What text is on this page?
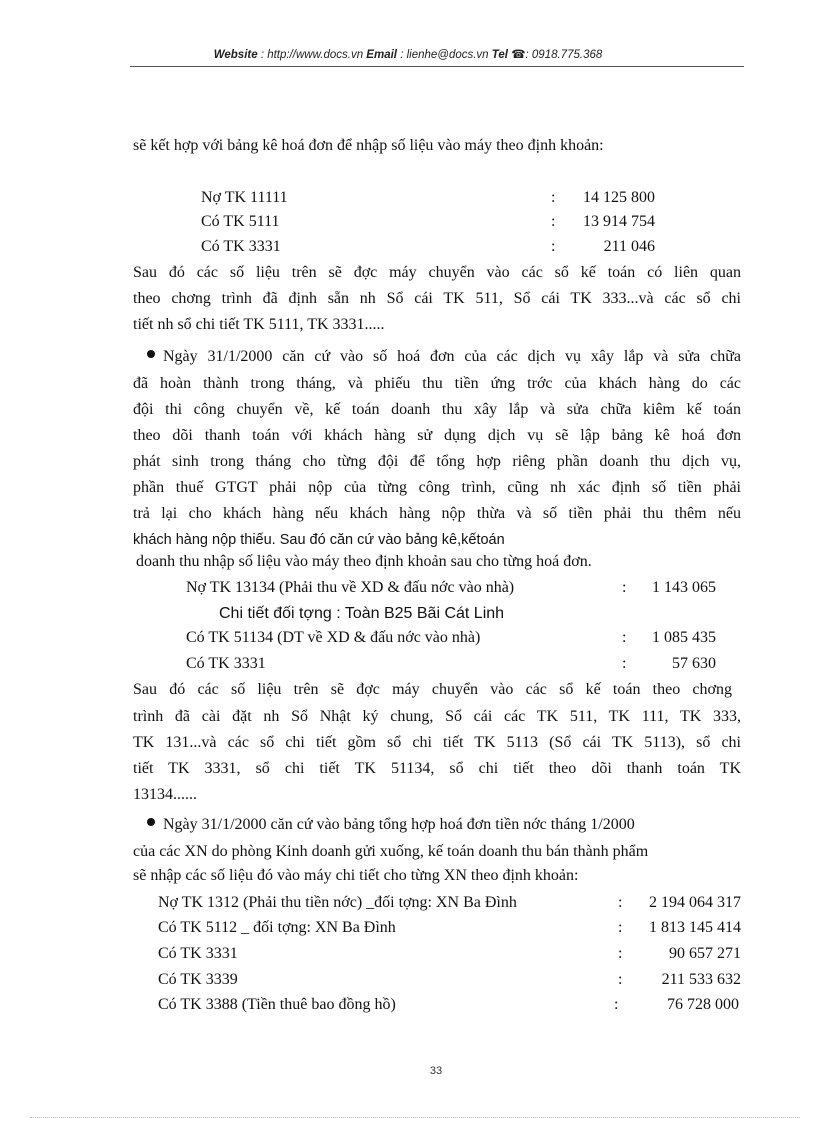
Website : http://www.docs.vn Email : lienhe@docs.vn Tel ☎: 0918.775.368
sẽ kết hợp với bảng kê hoá đơn để nhập số liệu vào máy theo định khoản:
Nợ TK 11111	:	14 125 800
Có TK 5111	:	13 914 754
Có TK 3331	:	211 046
Sau đó các số liệu trên sẽ đợc máy chuyển vào các sổ kế toán có liên quan
theo chơng trình đã định sẵn nh Sổ cái TK 511, Sổ cái TK 333...và các sổ chi
tiết nh sổ chi tiết TK 5111, TK 3331.....
Ngày 31/1/2000 căn cứ vào số hoá đơn của các dịch vụ xây lắp và sửa chữa
đã hoàn thành trong tháng, và phiếu thu tiền ứng trớc của khách hàng do các
đội thi công chuyển về, kế toán doanh thu xây lắp và sửa chữa kiêm kế toán
theo dõi thanh toán với khách hàng sử dụng dịch vụ sẽ lập bảng kê hoá đơn
phát sinh trong tháng cho từng đội để tổng hợp riêng phần doanh thu dịch vụ,
phần thuế GTGT phải nộp của từng công trình, cũng nh xác định số tiền phải
trả lại cho khách hàng nếu khách hàng nộp thừa và số tiền phải thu thêm nếu
khách hàng nộp thiếu. Sau đó căn cứ vào bảng kê,kếtoán
doanh thu nhập số liệu vào máy theo định khoản sau cho từng hoá đơn.
Nợ TK 13134 (Phải thu về XD & đấu nớc vào nhà)	:	1 143 065
Chi tiết đối tợng : Toàn B25 Bãi Cát Linh
Có TK 51134 (DT về XD & đấu nớc vào nhà)	:	1 085 435
Có TK 3331	:	57 630
Sau đó các số liệu trên sẽ đợc máy chuyển vào các sổ kế toán theo chơng
trình đã cài đặt nh Sổ Nhật ký chung, Sổ cái các TK 511, TK 111, TK 333,
TK 131...và các sổ chi tiết gồm sổ chi tiết TK 5113 (Sổ cái TK 5113), sổ chi
tiết TK 3331, sổ chi tiết TK 51134, sổ chi tiết theo dõi thanh toán TK
13134......
Ngày 31/1/2000 căn cứ vào bảng tổng hợp hoá đơn tiền nớc tháng 1/2000
của các XN do phòng Kinh doanh gửi xuống, kế toán doanh thu bán thành phẩm
sẽ nhập các số liệu đó vào máy chi tiết cho từng XN theo định khoản:
Nợ TK 1312 (Phải thu tiền nớc) _đối tợng: XN Ba Đình	:	2 194 064 317
Có TK 5112 _ đối tợng: XN Ba Đình	:	1 813 145 414
Có TK 3331	:	90 657 271
Có TK 3339	:	211 533 632
Có TK 3388 (Tiền thuê bao đồng hồ)	:	76 728 000
33
